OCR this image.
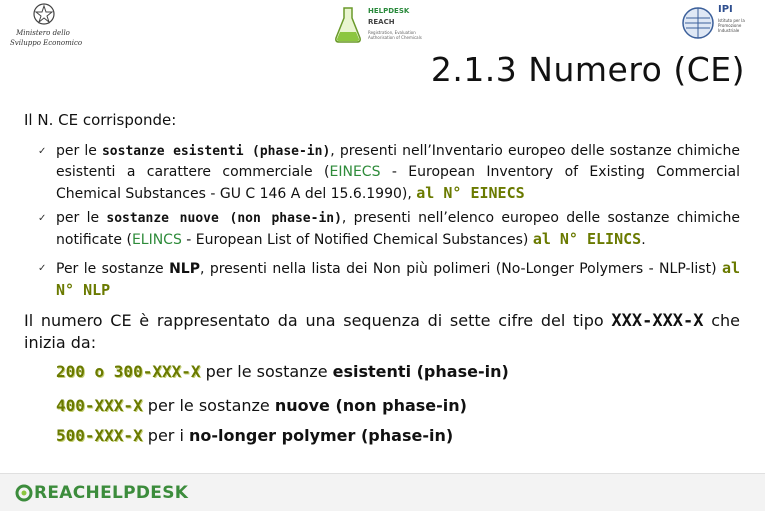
Ministero dello
Sviluppo Economico
HELPDESK
REACH
Registration, Evaluation Authorisation of Chemicals
IPI
Istituto per la Promozione Industriale
2.1.3 Numero (CE)
Il N. CE corrisponde:
✓ per le sostanze esistenti (phase-in), presenti nell’Inventario europeo delle sostanze chimiche esistenti a carattere commerciale (EINECS - European Inventory of Existing Commercial Chemical Substances - GU C 146 A del 15.6.1990), al N° EINECS
✓ per le sostanze nuove (non phase-in), presenti nell’elenco europeo delle sostanze chimiche notificate (ELINCS - European List of Notified Chemical Substances) al N° ELINCS.
✓ Per le sostanze NLP, presenti nella lista dei Non più polimeri (No-Longer Polymers - NLP-list) al N° NLP
Il numero CE è rappresentato da una sequenza di sette cifre del tipo XXX-XXX-X che inizia da:
200 o 300-XXX-X per le sostanze esistenti (phase-in)
400-XXX-X per le sostanze nuove (non phase-in)
500-XXX-X per i no-longer polymer (phase-in)
REACHELPDESK
